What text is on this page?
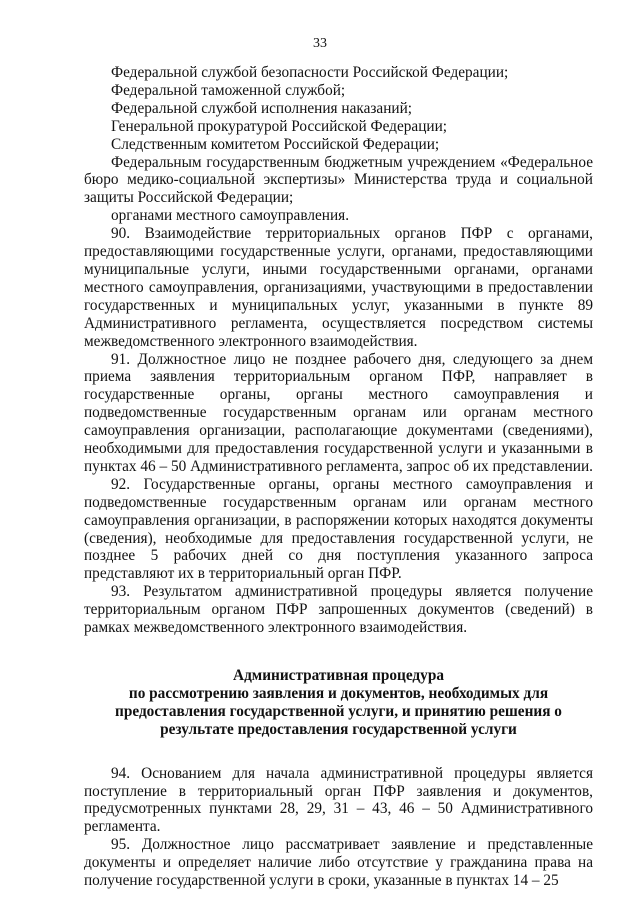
33

Федеральной службой безопасности Российской Федерации;

Федеральной таможенной службой;

Федеральной службой исполнения наказаний;

Генеральной прокуратурой Российской Федерации;

Следственным комитетом Российской Федерации;

Федеральным государственным бюджетным учреждением «Федеральное бюро медико-социальной экспертизы» Министерства труда и социальной защиты Российской Федерации;

органами местного самоуправления.

90. Взаимодействие территориальных органов ПФР с органами, предоставляющими государственные услуги, органами, предоставляющими муниципальные услуги, иными государственными органами, органами местного самоуправления, организациями, участвующими в предоставлении государственных и муниципальных услуг, указанными в пункте 89 Административного регламента, осуществляется посредством системы межведомственного электронного взаимодействия.

91. Должностное лицо не позднее рабочего дня, следующего за днем приема заявления территориальным органом ПФР, направляет в государственные органы, органы местного самоуправления и подведомственные государственным органам или органам местного самоуправления организации, располагающие документами (сведениями), необходимыми для предоставления государственной услуги и указанными в пунктах 46 – 50 Административного регламента, запрос об их представлении.

92. Государственные органы, органы местного самоуправления и подведомственные государственным органам или органам местного самоуправления организации, в распоряжении которых находятся документы (сведения), необходимые для предоставления государственной услуги, не позднее 5 рабочих дней со дня поступления указанного запроса представляют их в территориальный орган ПФР.

93. Результатом административной процедуры является получение территориальным органом ПФР запрошенных документов (сведений) в рамках межведомственного электронного взаимодействия.

Административная процедура
по рассмотрению заявления и документов, необходимых для
предоставления государственной услуги, и принятию решения о
результате предоставления государственной услуги

94. Основанием для начала административной процедуры является поступление в территориальный орган ПФР заявления и документов, предусмотренных пунктами 28, 29, 31 – 43, 46 – 50 Административного регламента.

95. Должностное лицо рассматривает заявление и представленные документы и определяет наличие либо отсутствие у гражданина права на получение государственной услуги в сроки, указанные в пунктах 14 – 25
